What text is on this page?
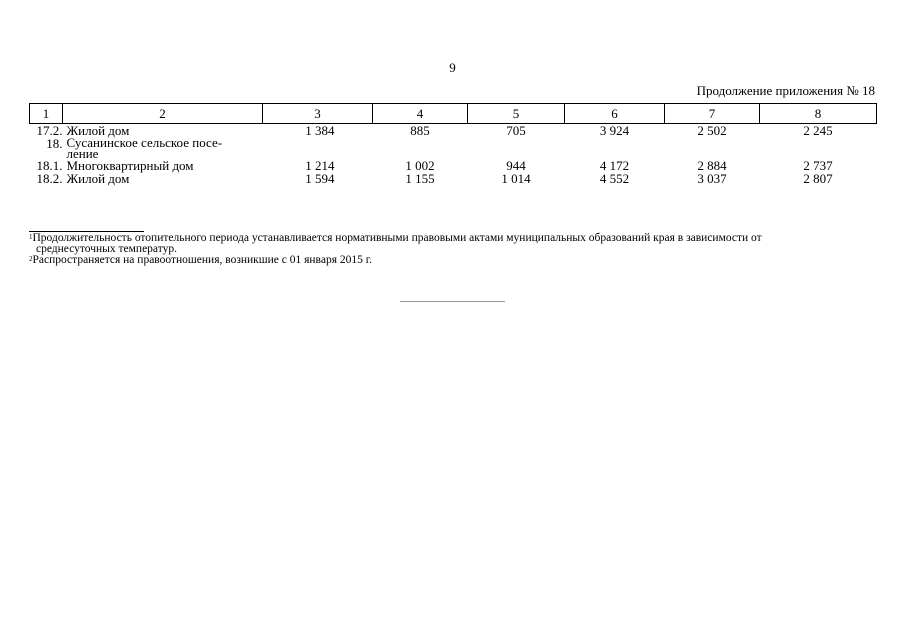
9
Продолжение приложения № 18
1	2	3	4	5	6	7	8
17.2.	Жилой дом	1 384	885	705	3 924	2 502	2 245
18.	Сусанинское сельское посе-ление						
18.1.	Многоквартирный дом	1 214	1 002	944	4 172	2 884	2 737
18.2.	Жилой дом	1 594	1 155	1 014	4 552	3 037	2 807

$^1$Продолжительность отопительного периода устанавливается нормативными правовыми актами муниципальных образований края в зависимости от

среднесуточных температур.

$^2$Распространяется на правоотношения, возникшие с 01 января 2015 г.
